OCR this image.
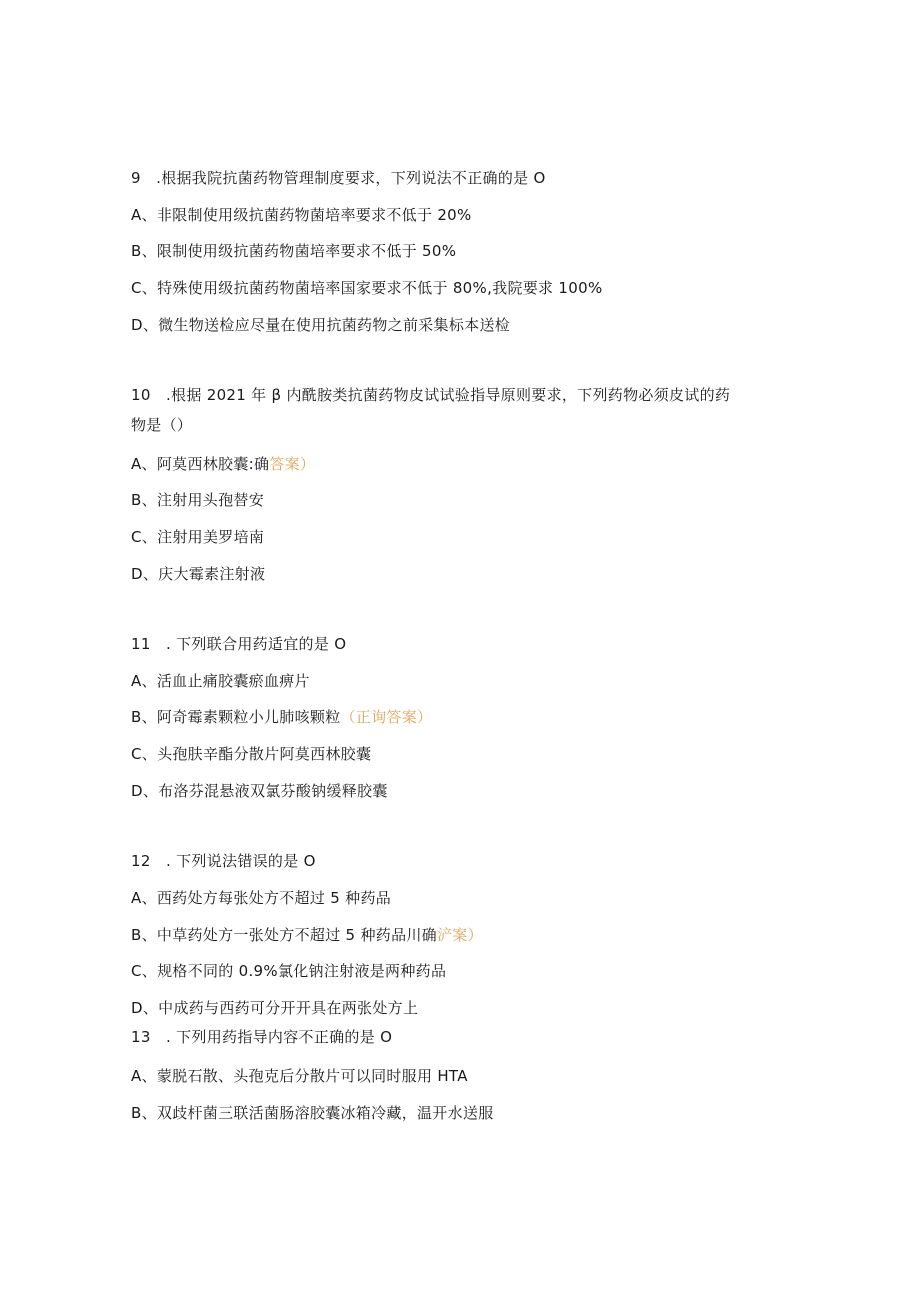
9　.根据我院抗菌药物管理制度要求，下列说法不正确的是 O
A、非限制使用级抗菌药物菌培率要求不低于 20%
B、限制使用级抗菌药物菌培率要求不低于 50%
C、特殊使用级抗菌药物菌培率国家要求不低于 80%,我院要求 100%
D、微生物送检应尽量在使用抗菌药物之前采集标本送检
10　.根据 2021 年 β 内酰胺类抗菌药物皮试试验指导原则要求，下列药物必须皮试的药
物是（）
A、阿莫西林胶囊:确答案）
B、注射用头孢替安
C、注射用美罗培南
D、庆大霉素注射液
11　. 下列联合用药适宜的是 O
A、活血止痛胶囊瘀血痹片
B、阿奇霉素颗粒小儿肺咳颗粒（正询答案）
C、头孢肤辛酯分散片阿莫西林胶囊
D、布洛芬混悬液双氯芬酸钠缓释胶囊
12　. 下列说法错误的是 O
A、西药处方每张处方不超过 5 种药品
B、中草药处方一张处方不超过 5 种药品川确浐案）
C、规格不同的 0.9%氯化钠注射液是两种药品
D、中成药与西药可分开开具在两张处方上
13　. 下列用药指导内容不正确的是 O
A、蒙脱石散、头孢克后分散片可以同时服用 HTA
B、双歧杆菌三联活菌肠溶胶囊冰箱冷藏，温开水送服
